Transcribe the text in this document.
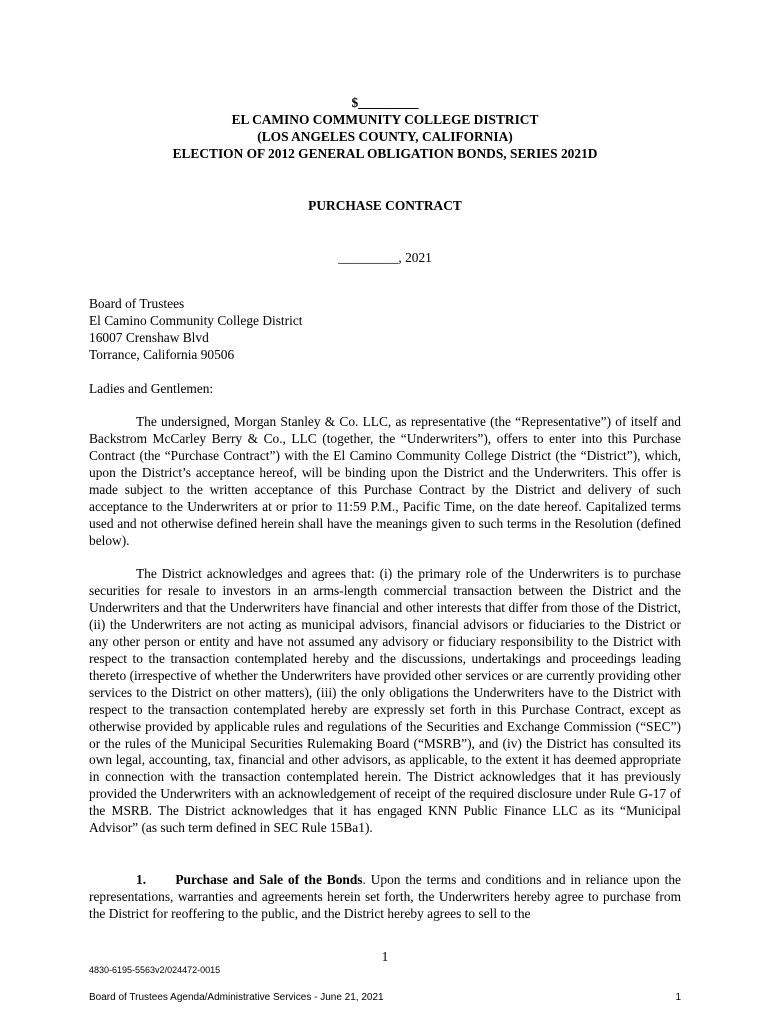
$_________
EL CAMINO COMMUNITY COLLEGE DISTRICT
(LOS ANGELES COUNTY, CALIFORNIA)
ELECTION OF 2012 GENERAL OBLIGATION BONDS, SERIES 2021D
PURCHASE CONTRACT
_________, 2021
Board of Trustees
El Camino Community College District
16007 Crenshaw Blvd
Torrance, California 90506
Ladies and Gentlemen:

The undersigned, Morgan Stanley & Co. LLC, as representative (the “Representative”) of itself and Backstrom McCarley Berry & Co., LLC (together, the “Underwriters”), offers to enter into this Purchase Contract (the “Purchase Contract”) with the El Camino Community College District (the “District”), which, upon the District’s acceptance hereof, will be binding upon the District and the Underwriters. This offer is made subject to the written acceptance of this Purchase Contract by the District and delivery of such acceptance to the Underwriters at or prior to 11:59 P.M., Pacific Time, on the date hereof. Capitalized terms used and not otherwise defined herein shall have the meanings given to such terms in the Resolution (defined below).

The District acknowledges and agrees that: (i) the primary role of the Underwriters is to purchase securities for resale to investors in an arms-length commercial transaction between the District and the Underwriters and that the Underwriters have financial and other interests that differ from those of the District, (ii) the Underwriters are not acting as municipal advisors, financial advisors or fiduciaries to the District or any other person or entity and have not assumed any advisory or fiduciary responsibility to the District with respect to the transaction contemplated hereby and the discussions, undertakings and proceedings leading thereto (irrespective of whether the Underwriters have provided other services or are currently providing other services to the District on other matters), (iii) the only obligations the Underwriters have to the District with respect to the transaction contemplated hereby are expressly set forth in this Purchase Contract, except as otherwise provided by applicable rules and regulations of the Securities and Exchange Commission (“SEC”) or the rules of the Municipal Securities Rulemaking Board (“MSRB”), and (iv) the District has consulted its own legal, accounting, tax, financial and other advisors, as applicable, to the extent it has deemed appropriate in connection with the transaction contemplated herein. The District acknowledges that it has previously provided the Underwriters with an acknowledgement of receipt of the required disclosure under Rule G-17 of the MSRB. The District acknowledges that it has engaged KNN Public Finance LLC as its “Municipal Advisor” (as such term defined in SEC Rule 15Ba1).

1. Purchase and Sale of the Bonds. Upon the terms and conditions and in reliance upon the representations, warranties and agreements herein set forth, the Underwriters hereby agree to purchase from the District for reoffering to the public, and the District hereby agrees to sell to the

1
4830-6195-5563v2/024472-0015
Board of Trustees Agenda/Administrative Services - June 21, 2021	1
